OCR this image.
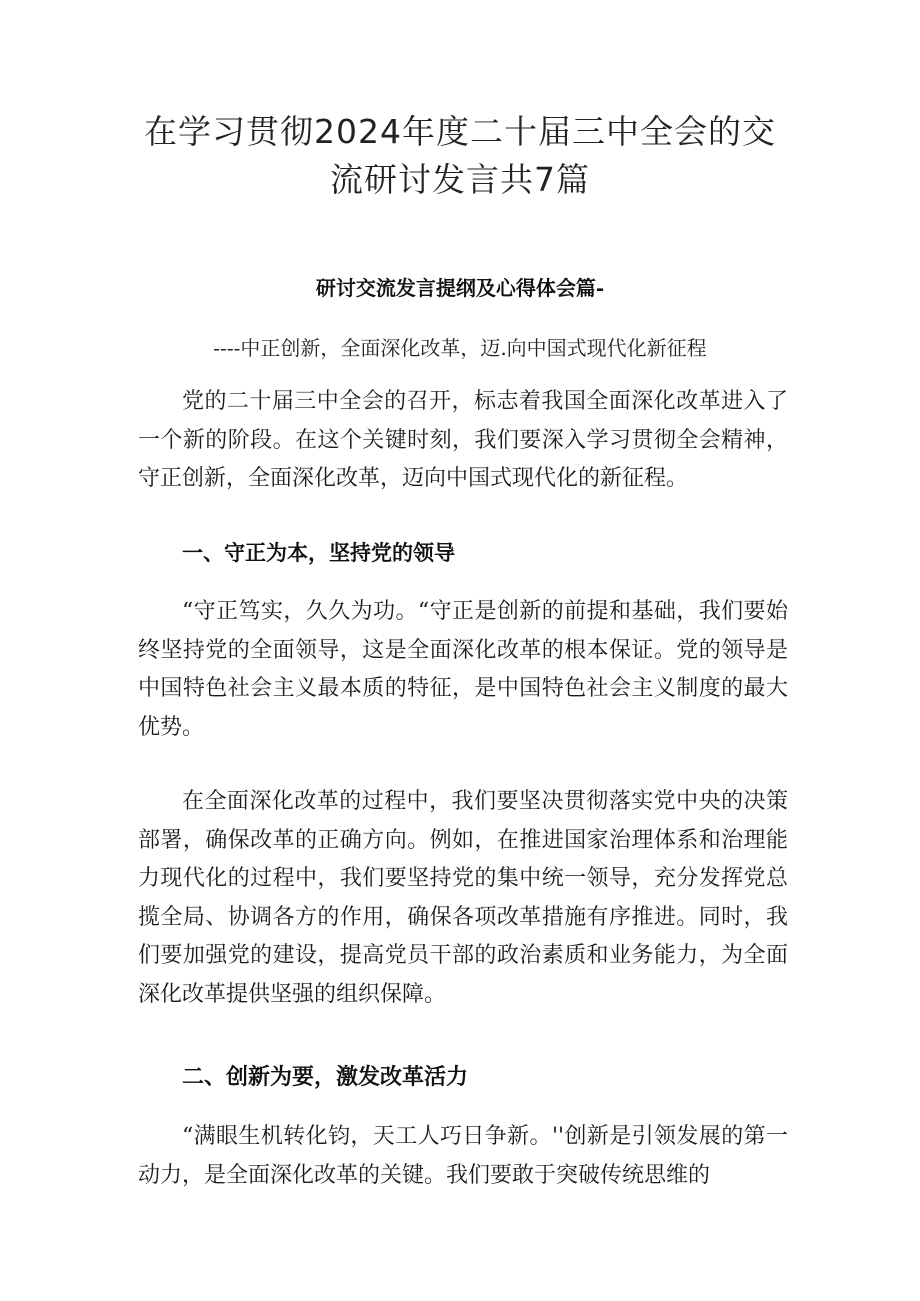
在学习贯彻2024年度二十届三中全会的交
流研讨发言共7篇
研讨交流发言提纲及心得体会篇-

----中正创新，全面深化改革，迈.向中国式现代化新征程

党的二十届三中全会的召开，标志着我国全面深化改革进入了一个新的阶段。在这个关键时刻，我们要深入学习贯彻全会精神，守正创新，全面深化改革，迈向中国式现代化的新征程。

一、守正为本，坚持党的领导

“守正笃实，久久为功。“守正是创新的前提和基础，我们要始终坚持党的全面领导，这是全面深化改革的根本保证。党的领导是中国特色社会主义最本质的特征，是中国特色社会主义制度的最大优势。

在全面深化改革的过程中，我们要坚决贯彻落实党中央的决策部署，确保改革的正确方向。例如，在推进国家治理体系和治理能力现代化的过程中，我们要坚持党的集中统一领导，充分发挥党总揽全局、协调各方的作用，确保各项改革措施有序推进。同时，我们要加强党的建设，提高党员干部的政治素质和业务能力，为全面深化改革提供坚强的组织保障。

二、创新为要，激发改革活力

“满眼生机转化钧，天工人巧日争新。''创新是引领发展的第一动力，是全面深化改革的关键。我们要敢于突破传统思维的
